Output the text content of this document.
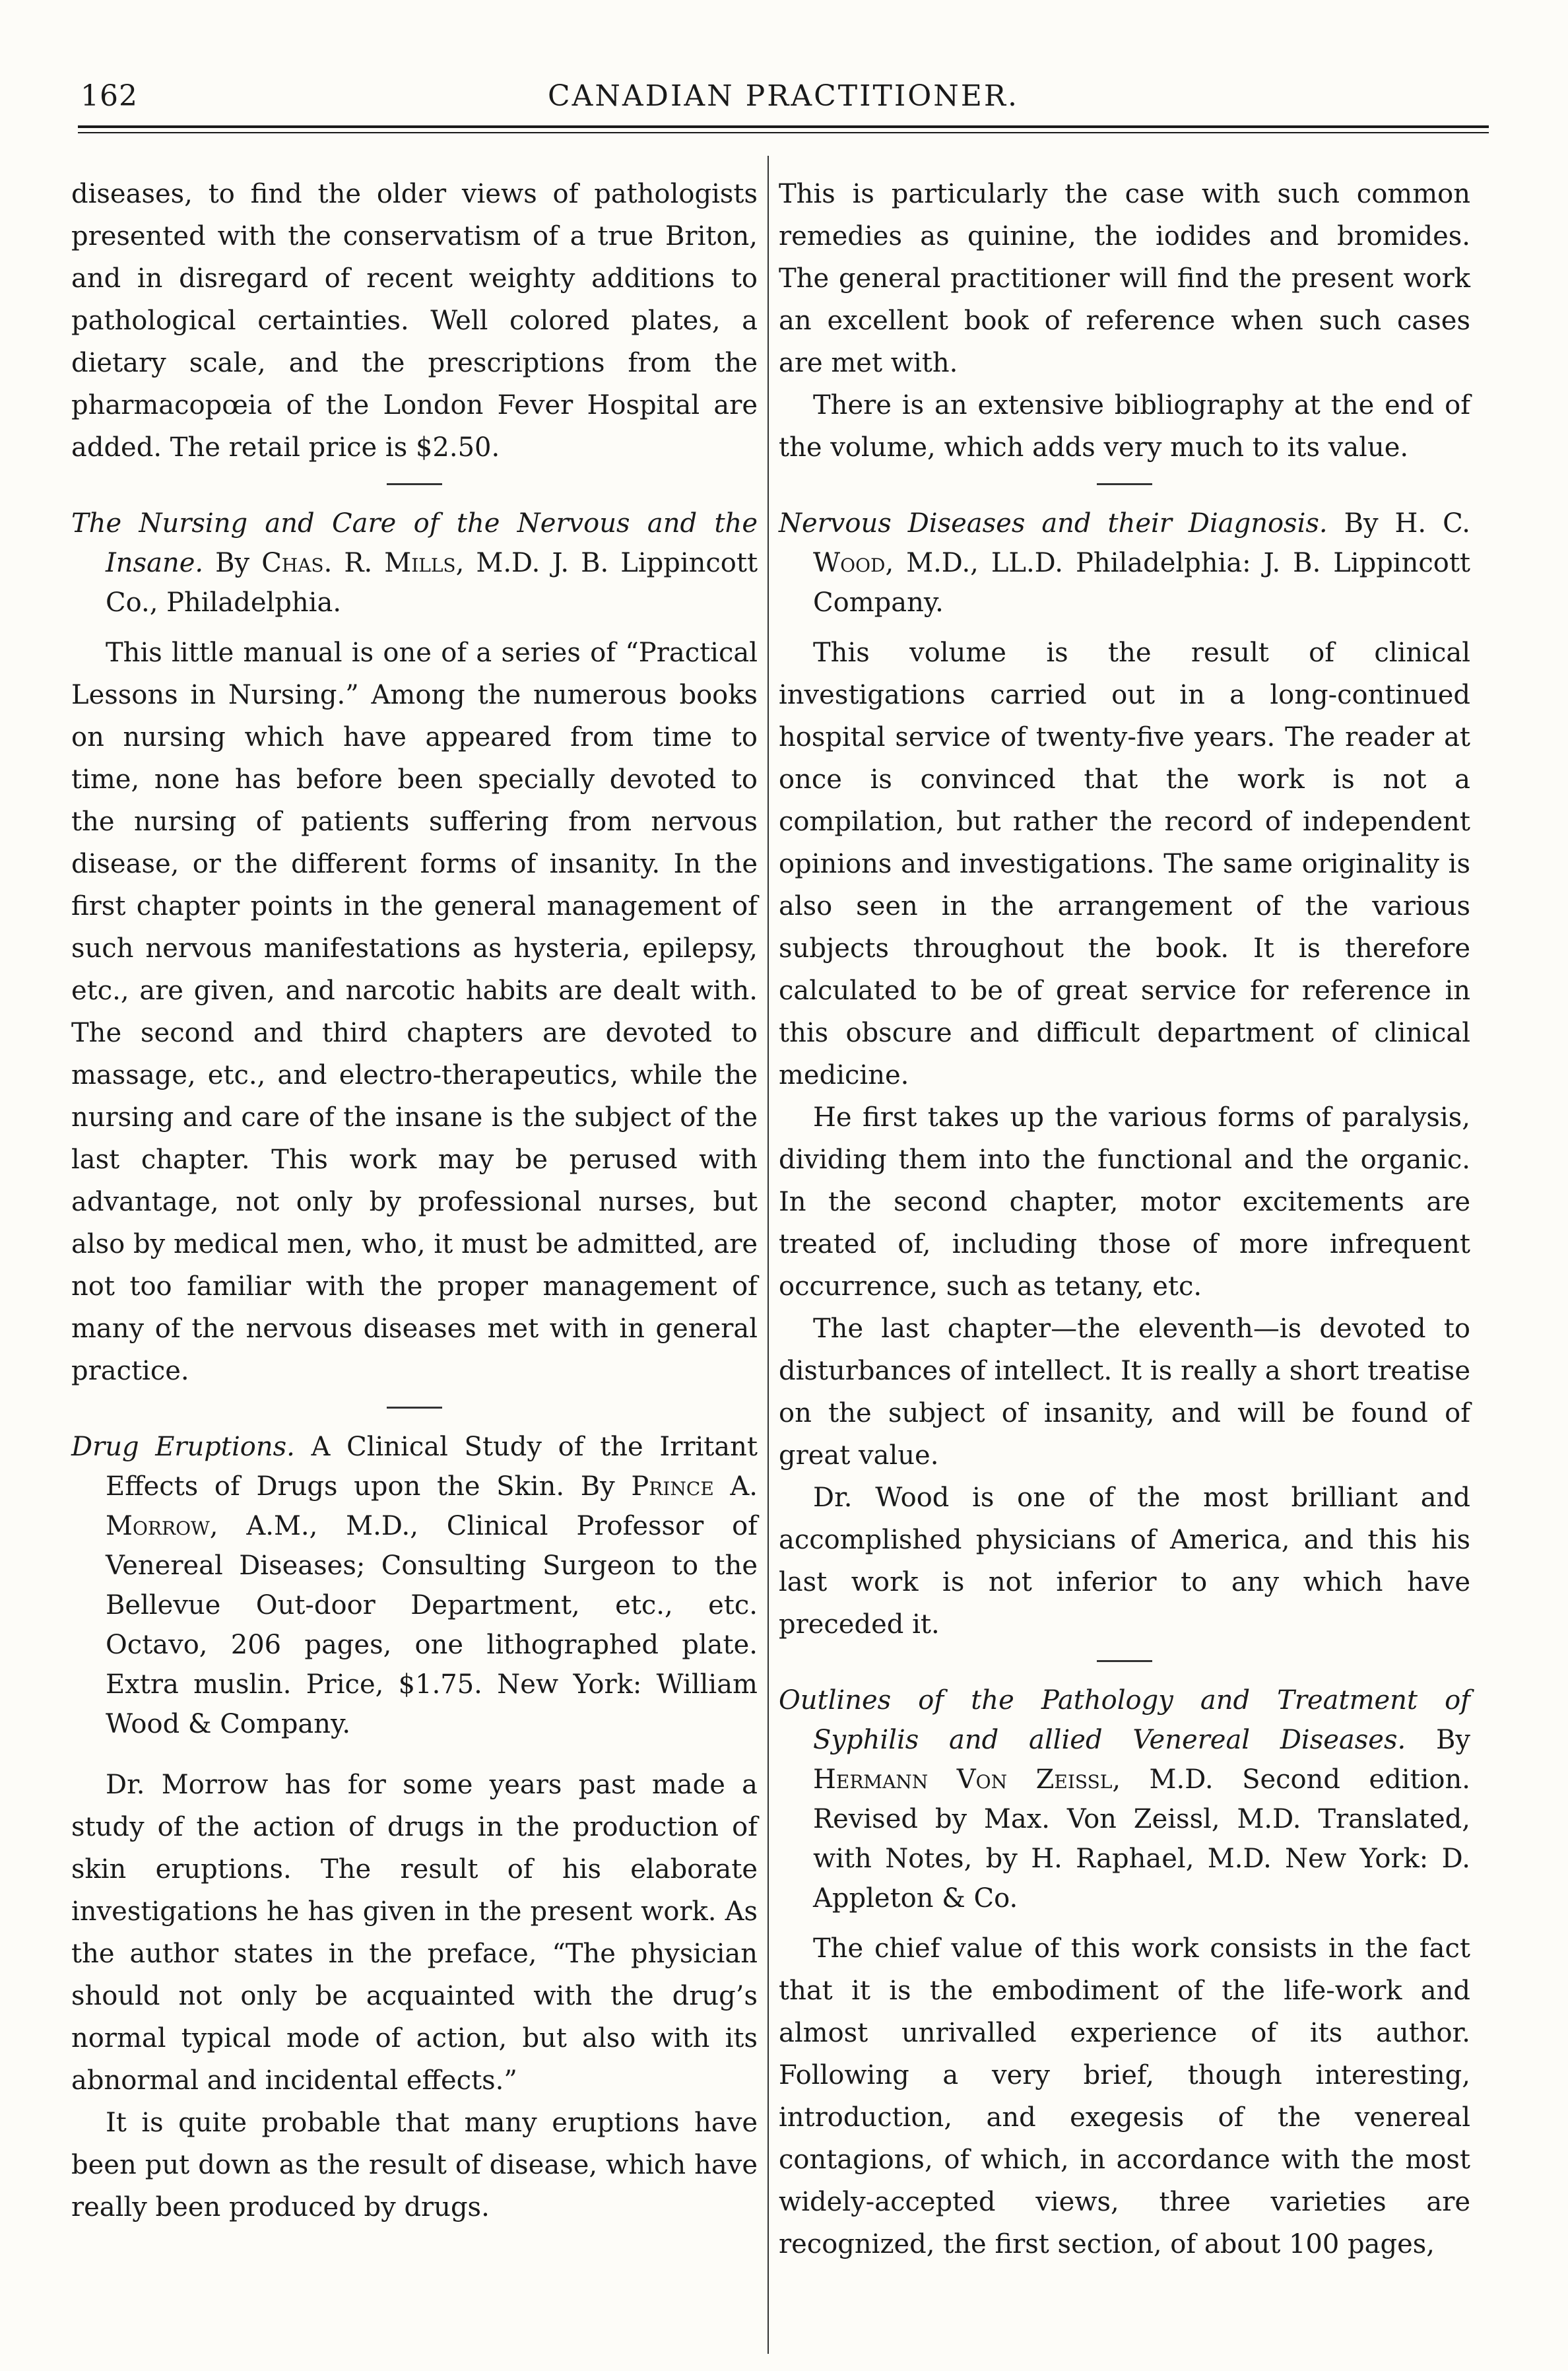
162	CANADIAN PRACTITIONER.

diseases, to find the older views of pathologists presented with the conservatism of a true Briton, and in disregard of recent weighty additions to pathological certainties. Well colored plates, a dietary scale, and the prescriptions from the pharmacopœia of the London Fever Hospital are added. The retail price is $2.50.

The Nursing and Care of the Nervous and the Insane. By Chas. R. Mills, M.D. J. B. Lippincott Co., Philadelphia.

This little manual is one of a series of “Practical Lessons in Nursing.” Among the numerous books on nursing which have appeared from time to time, none has before been specially devoted to the nursing of patients suffering from nervous disease, or the different forms of insanity. In the first chapter points in the general management of such nervous manifestations as hysteria, epilepsy, etc., are given, and narcotic habits are dealt with. The second and third chapters are devoted to massage, etc., and electro-therapeutics, while the nursing and care of the insane is the subject of the last chapter. This work may be perused with advantage, not only by professional nurses, but also by medical men, who, it must be admitted, are not too familiar with the proper management of many of the nervous diseases met with in general practice.

Drug Eruptions. A Clinical Study of the Irritant Effects of Drugs upon the Skin. By Prince A. Morrow, A.M., M.D., Clinical Professor of Venereal Diseases; Consulting Surgeon to the Bellevue Out-door Department, etc., etc. Octavo, 206 pages, one lithographed plate. Extra muslin. Price, $1.75. New York: William Wood & Company.

Dr. Morrow has for some years past made a study of the action of drugs in the production of skin eruptions. The result of his elaborate investigations he has given in the present work. As the author states in the preface, “The physician should not only be acquainted with the drug’s normal typical mode of action, but also with its abnormal and incidental effects.”

It is quite probable that many eruptions have been put down as the result of disease, which have really been produced by drugs.

This is particularly the case with such common remedies as quinine, the iodides and bromides. The general practitioner will find the present work an excellent book of reference when such cases are met with.

There is an extensive bibliography at the end of the volume, which adds very much to its value.

Nervous Diseases and their Diagnosis. By H. C. Wood, M.D., LL.D. Philadelphia: J. B. Lippincott Company.

This volume is the result of clinical investigations carried out in a long-continued hospital service of twenty-five years. The reader at once is convinced that the work is not a compilation, but rather the record of independent opinions and investigations. The same originality is also seen in the arrangement of the various subjects throughout the book. It is therefore calculated to be of great service for reference in this obscure and difficult department of clinical medicine.

He first takes up the various forms of paralysis, dividing them into the functional and the organic. In the second chapter, motor excitements are treated of, including those of more infrequent occurrence, such as tetany, etc.

The last chapter—the eleventh—is devoted to disturbances of intellect. It is really a short treatise on the subject of insanity, and will be found of great value.

Dr. Wood is one of the most brilliant and accomplished physicians of America, and this his last work is not inferior to any which have preceded it.

Outlines of the Pathology and Treatment of Syphilis and allied Venereal Diseases. By Hermann Von Zeissl, M.D. Second edition. Revised by Max. Von Zeissl, M.D. Translated, with Notes, by H. Raphael, M.D. New York: D. Appleton & Co.

The chief value of this work consists in the fact that it is the embodiment of the life-work and almost unrivalled experience of its author. Following a very brief, though interesting, introduction, and exegesis of the venereal contagions, of which, in accordance with the most widely-accepted views, three varieties are recognized, the first section, of about 100 pages,
